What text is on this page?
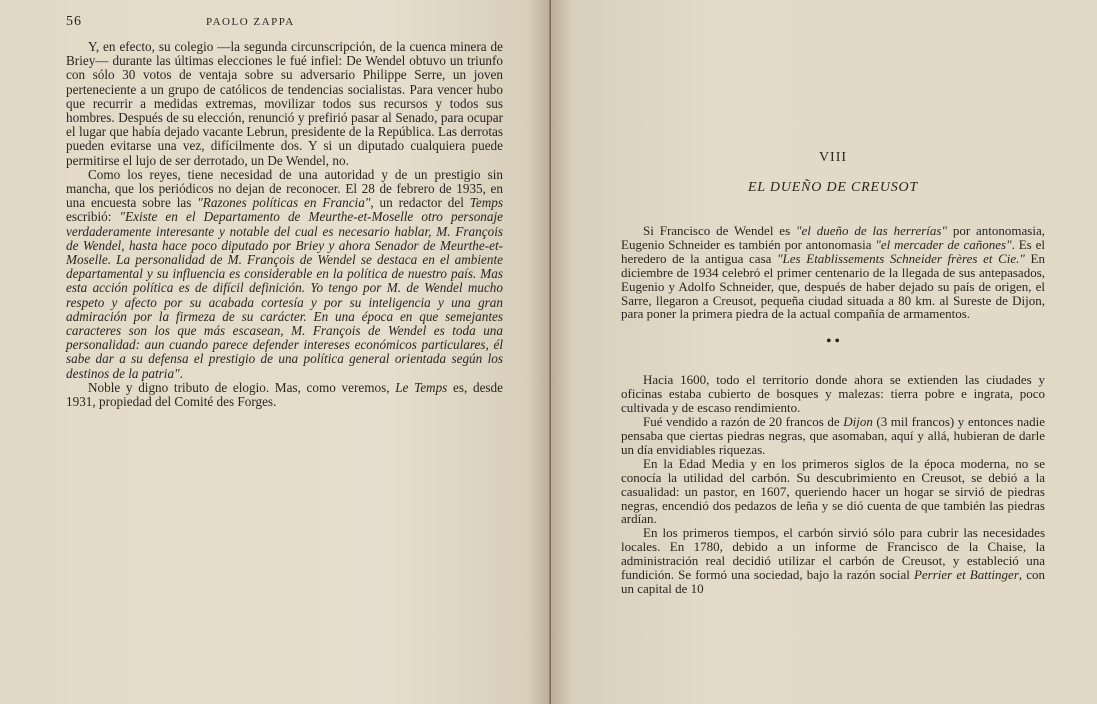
56	PAOLO ZAPPA

Y, en efecto, su colegio —la segunda circunscripción, de la cuenca minera de Briey— durante las últimas elecciones le fué infiel: De Wendel obtuvo un triunfo con sólo 30 votos de ventaja sobre su adversario Philippe Serre, un joven perteneciente a un grupo de católicos de tendencias socialistas. Para vencer hubo que recurrir a medidas extremas, movilizar todos sus recursos y todos sus hombres. Después de su elección, renunció y prefirió pasar al Senado, para ocupar el lugar que había dejado vacante Lebrun, presidente de la República. Las derrotas pueden evitarse una vez, difícilmente dos. Y si un diputado cualquiera puede permitirse el lujo de ser derrotado, un De Wendel, no.

Como los reyes, tiene necesidad de una autoridad y de un prestigio sin mancha, que los periódicos no dejan de reconocer. El 28 de febrero de 1935, en una encuesta sobre las "Razones políticas en Francia", un redactor del Temps escribió: "Existe en el Departamento de Meurthe-et-Moselle otro personaje verdaderamente interesante y notable del cual es necesario hablar, M. François de Wendel, hasta hace poco diputado por Briey y ahora Senador de Meurthe-et-Moselle. La personalidad de M. François de Wendel se destaca en el ambiente departamental y su influencia es considerable en la política de nuestro país. Mas esta acción política es de difícil definición. Yo tengo por M. de Wendel mucho respeto y afecto por su acabada cortesía y por su inteligencia y una gran admiración por la firmeza de su carácter. En una época en que semejantes caracteres son los que más escasean, M. François de Wendel es toda una personalidad: aun cuando parece defender intereses económicos particulares, él sabe dar a su defensa el prestigio de una política general orientada según los destinos de la patria".

Noble y digno tributo de elogio. Mas, como veremos, Le Temps es, desde 1931, propiedad del Comité des Forges.

VIII
EL DUEÑO DE CREUSOT

Si Francisco de Wendel es "el dueño de las herrerías" por antonomasia, Eugenio Schneider es también por antonomasia "el mercader de cañones". Es el heredero de la antigua casa "Les Etablissements Schneider frères et Cie." En diciembre de 1934 celebró el primer centenario de la llegada de sus antepasados, Eugenio y Adolfo Schneider, que, después de haber dejado su país de origen, el Sarre, llegaron a Creusot, pequeña ciudad situada a 80 km. al Sureste de Dijon, para poner la primera piedra de la actual compañía de armamentos.

• •

Hacia 1600, todo el territorio donde ahora se extienden las ciudades y oficinas estaba cubierto de bosques y malezas: tierra pobre e ingrata, poco cultivada y de escaso rendimiento.

Fué vendido a razón de 20 francos de Dijon (3 mil francos) y entonces nadie pensaba que ciertas piedras negras, que asomaban, aquí y allá, hubieran de darle un día envidiables riquezas.

En la Edad Media y en los primeros siglos de la época moderna, no se conocía la utilidad del carbón. Su descubrimiento en Creusot, se debió a la casualidad: un pastor, en 1607, queriendo hacer un hogar se sirvió de piedras negras, encendió dos pedazos de leña y se dió cuenta de que también las piedras ardían.

En los primeros tiempos, el carbón sirvió sólo para cubrir las necesidades locales. En 1780, debido a un informe de Francisco de la Chaise, la administración real decidió utilizar el carbón de Creusot, y estableció una fundición. Se formó una sociedad, bajo la razón social Perrier et Battinger, con un capital de 10
